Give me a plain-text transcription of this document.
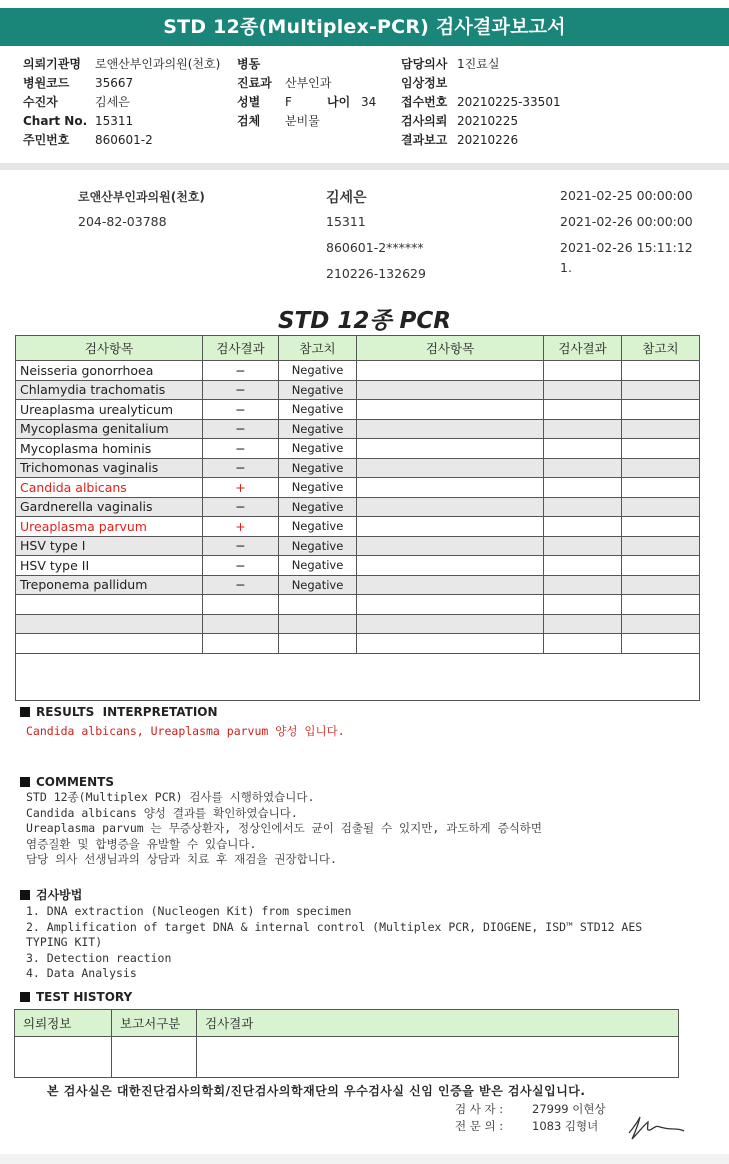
STD 12종(Multiplex-PCR) 검사결과보고서
의뢰기관명 로앤산부인과의원(천호)
병원코드 35667
수진자	김세은
Chart No. 15311
주민번호 860601-2
병동
진료과 산부인과
성별 F	나이 34
검체 분비물
담당의사 1진료실
임상정보
접수번호 20210225-33501
검사의뢰 20210225
결과보고 20210226
로앤산부인과의원(천호)
204-82-03788
김세은
15311
860601-2******
210226-132629
2021-02-25 00:00:00
2021-02-26 00:00:00
2021-02-26 15:11:12
1.
STD 12종 PCR
검사항목	검사결과	참고치	검사항목	검사결과	참고치
Neisseria gonorrhoea	−	Negative			
Chlamydia trachomatis	−	Negative			
Ureaplasma urealyticum	−	Negative			
Mycoplasma genitalium	−	Negative			
Mycoplasma hominis	−	Negative			
Trichomonas vaginalis	−	Negative			
Candida albicans	+	Negative			
Gardnerella vaginalis	−	Negative			
Ureaplasma parvum	+	Negative			
HSV type I	−	Negative			
HSV type II	−	Negative			
Treponema pallidum	−	Negative			

RESULTS  INTERPRETATION
Candida albicans, Ureaplasma parvum 양성 입니다.
COMMENTS
STD 12종(Multiplex PCR) 검사를 시행하였습니다.
Candida albicans 양성 결과를 확인하였습니다.
Ureaplasma parvum 는 무증상환자, 정상인에서도 균이 검출될 수 있지만, 과도하게 증식하면
염증질환 및 합병증을 유발할 수 있습니다.
담당 의사 선생님과의 상담과 치료 후 재검을 권장합니다.
검사방법
1. DNA extraction (Nucleogen Kit) from specimen
2. Amplification of target DNA & internal control (Multiplex PCR, DIOGENE, ISD™ STD12 AES
TYPING KIT)
3. Detection reaction
4. Data Analysis
TEST HISTORY
의뢰정보	보고서구분	검사결과

본 검사실은 대한진단검사의학회/진단검사의학재단의 우수검사실 신임 인증을 받은 검사실입니다.
검 사 자 :	27999 이현상
전 문 의 :	1083 김형녀
